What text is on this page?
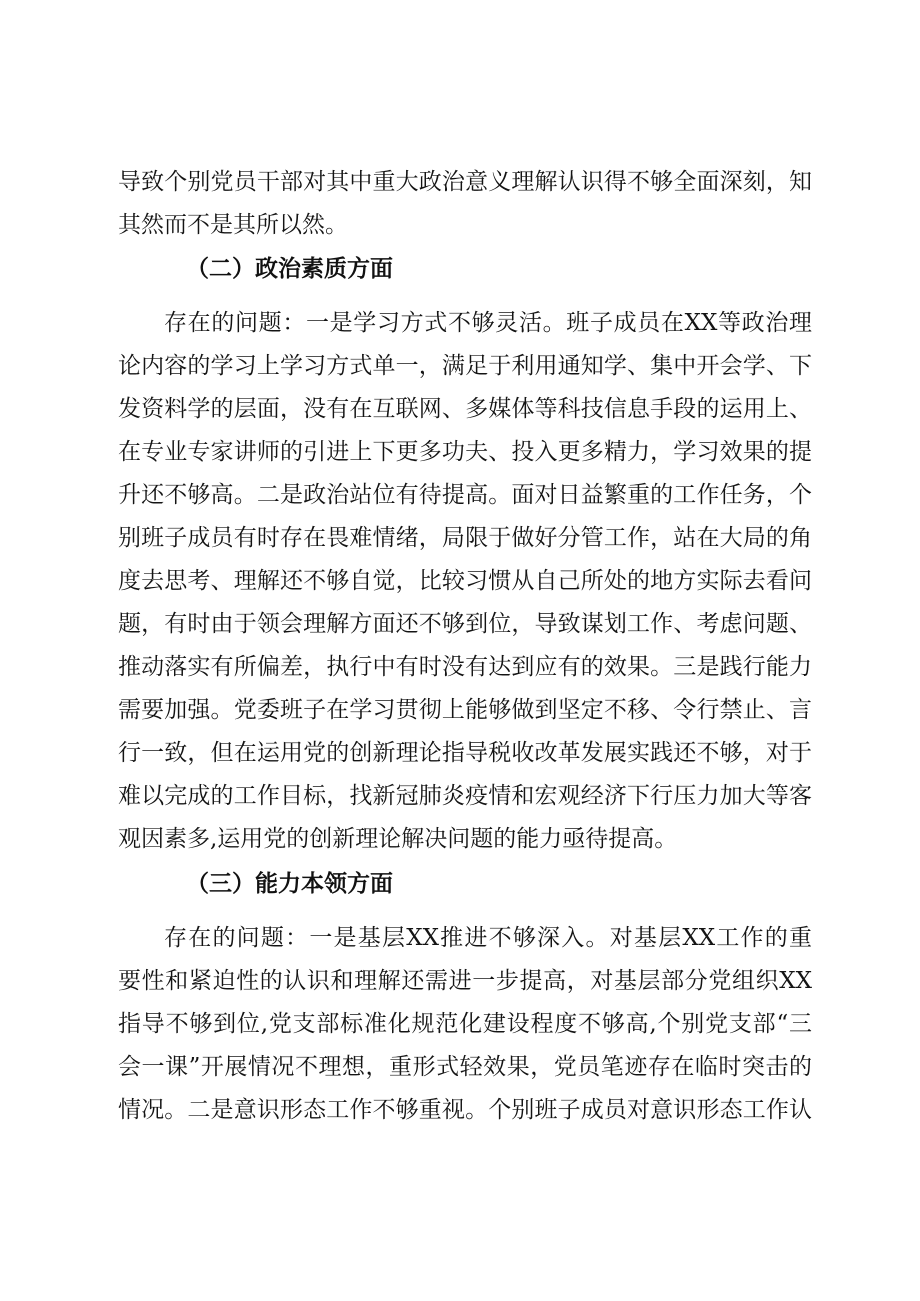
导致个别党员干部对其中重大政治意义理解认识得不够全面深刻，知
其然而不是其所以然。
（二）政治素质方面
存在的问题：一是学习方式不够灵活。班子成员在XX等政治理
论内容的学习上学习方式单一，满足于利用通知学、集中开会学、下
发资料学的层面，没有在互联网、多媒体等科技信息手段的运用上、
在专业专家讲师的引进上下更多功夫、投入更多精力，学习效果的提
升还不够高。二是政治站位有待提高。面对日益繁重的工作任务，个
别班子成员有时存在畏难情绪，局限于做好分管工作，站在大局的角
度去思考、理解还不够自觉，比较习惯从自己所处的地方实际去看问
题，有时由于领会理解方面还不够到位，导致谋划工作、考虑问题、
推动落实有所偏差，执行中有时没有达到应有的效果。三是践行能力
需要加强。党委班子在学习贯彻上能够做到坚定不移、令行禁止、言
行一致，但在运用党的创新理论指导税收改革发展实践还不够，对于
难以完成的工作目标，找新冠肺炎疫情和宏观经济下行压力加大等客
观因素多,运用党的创新理论解决问题的能力亟待提高。
（三）能力本领方面
存在的问题：一是基层XX推进不够深入。对基层XX工作的重
要性和紧迫性的认识和理解还需进一步提高，对基层部分党组织XX
指导不够到位,党支部标准化规范化建设程度不够高,个别党支部“三
会一课”开展情况不理想，重形式轻效果，党员笔迹存在临时突击的
情况。二是意识形态工作不够重视。个别班子成员对意识形态工作认
